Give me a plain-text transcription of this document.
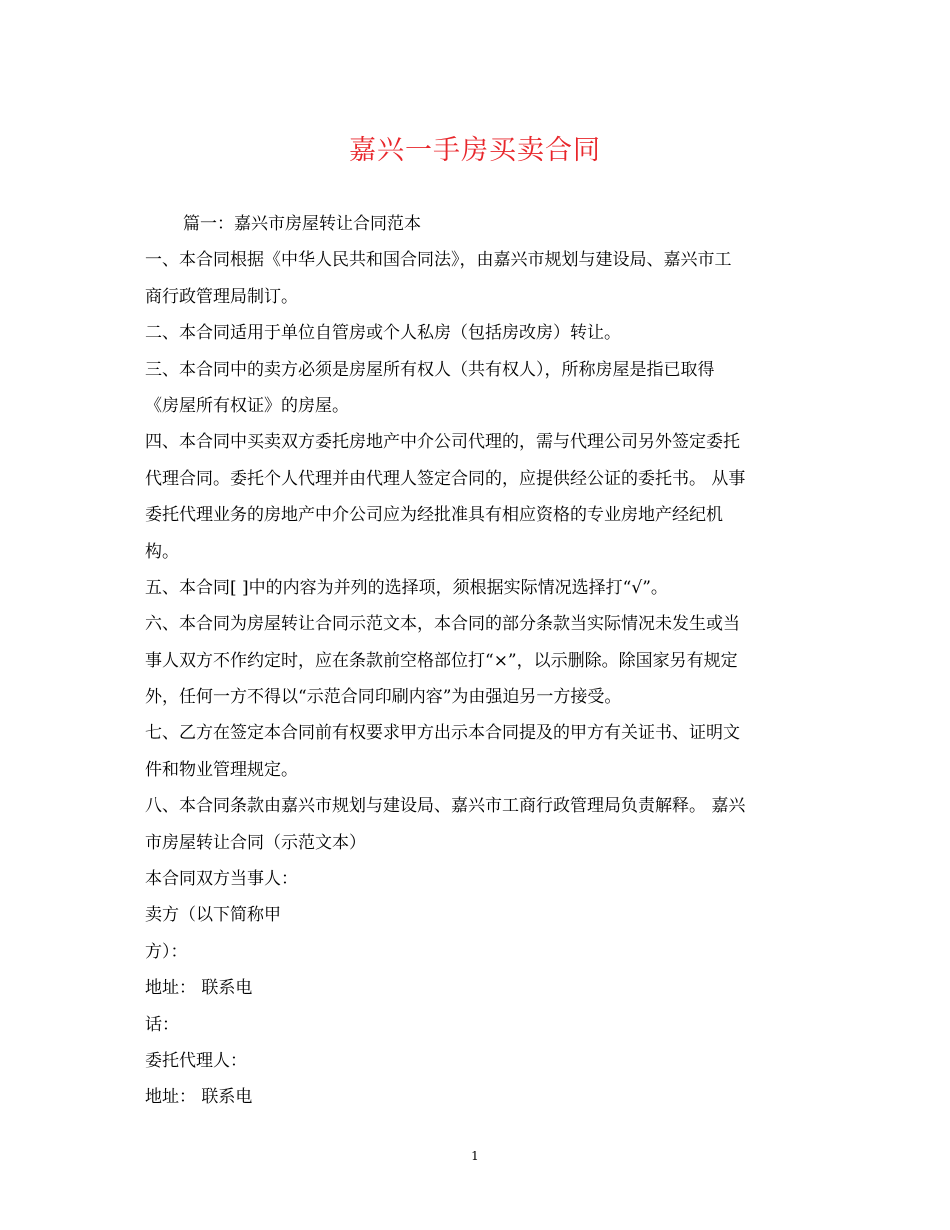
嘉兴一手房买卖合同
篇一：嘉兴市房屋转让合同范本
一、本合同根据《中华人民共和国合同法》，由嘉兴市规划与建设局、嘉兴市工
商行政管理局制订。
二、本合同适用于单位自管房或个人私房（包括房改房）转让。
三、本合同中的卖方必须是房屋所有权人（共有权人），所称房屋是指已取得
《房屋所有权证》的房屋。
四、本合同中买卖双方委托房地产中介公司代理的，需与代理公司另外签定委托
代理合同。委托个人代理并由代理人签定合同的，应提供经公证的委托书。 从事
委托代理业务的房地产中介公司应为经批准具有相应资格的专业房地产经纪机
构。
五、本合同[ ]中的内容为并列的选择项，须根据实际情况选择打“√”。
六、本合同为房屋转让合同示范文本，本合同的部分条款当实际情况未发生或当
事人双方不作约定时，应在条款前空格部位打“×”，以示删除。除国家另有规定
外，任何一方不得以“示范合同印刷内容”为由强迫另一方接受。
七、乙方在签定本合同前有权要求甲方出示本合同提及的甲方有关证书、证明文
件和物业管理规定。
八、本合同条款由嘉兴市规划与建设局、嘉兴市工商行政管理局负责解释。 嘉兴
市房屋转让合同（示范文本）
本合同双方当事人：
卖方（以下简称甲
方）：
地址： 联系电
话：
委托代理人：
地址： 联系电
1
